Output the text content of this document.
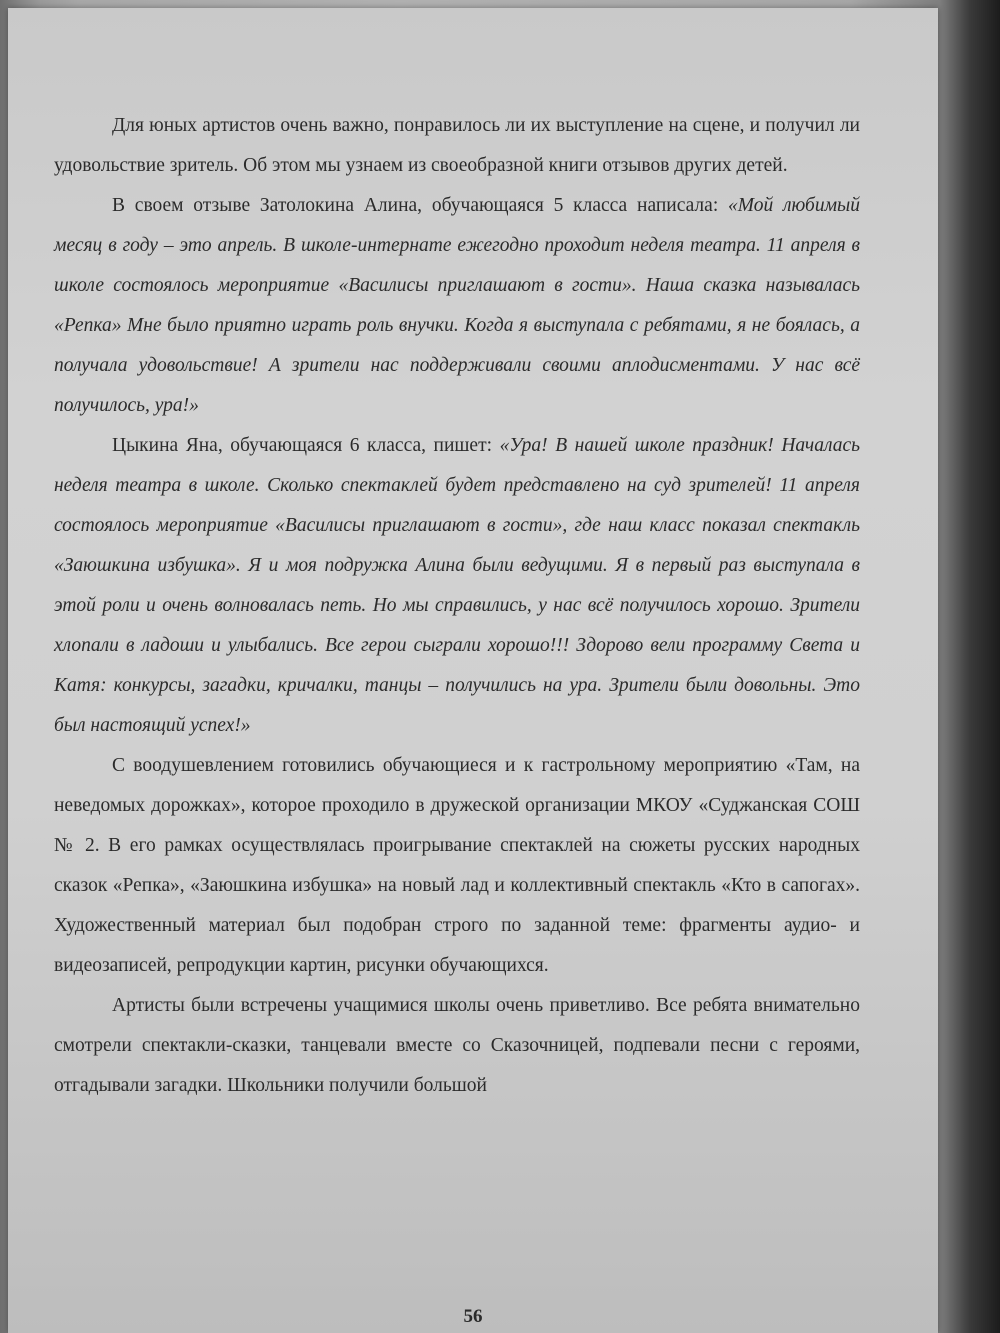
Для юных артистов очень важно, понравилось ли их выступление на сцене, и получил ли удовольствие зритель. Об этом мы узнаем из своеобразной книги отзывов других детей.

В своем отзыве Затолокина Алина, обучающаяся 5 класса написала: «Мой любимый месяц в году – это апрель. В школе-интернате ежегодно проходит неделя театра. 11 апреля в школе состоялось мероприятие «Василисы приглашают в гости». Наша сказка называлась «Репка» Мне было приятно играть роль внучки. Когда я выступала с ребятами, я не боялась, а получала удовольствие! А зрители нас поддерживали своими аплодисментами. У нас всё получилось, ура!»

Цыкина Яна, обучающаяся 6 класса, пишет: «Ура! В нашей школе праздник! Началась неделя театра в школе. Сколько спектаклей будет представлено на суд зрителей! 11 апреля состоялось мероприятие «Василисы приглашают в гости», где наш класс показал спектакль «Заюшкина избушка». Я и моя подружка Алина были ведущими. Я в первый раз выступала в этой роли и очень волновалась петь. Но мы справились, у нас всё получилось хорошо. Зрители хлопали в ладоши и улыбались. Все герои сыграли хорошо!!! Здорово вели программу Света и Катя: конкурсы, загадки, кричалки, танцы – получились на ура. Зрители были довольны. Это был настоящий успех!»

С воодушевлением готовились обучающиеся и к гастрольному мероприятию «Там, на неведомых дорожках», которое проходило в дружеской организации МКОУ «Суджанская СОШ № 2. В его рамках осуществлялась проигрывание спектаклей на сюжеты русских народных сказок «Репка», «Заюшкина избушка» на новый лад и коллективный спектакль «Кто в сапогах». Художественный материал был подобран строго по заданной теме: фрагменты аудио- и видеозаписей, репродукции картин, рисунки обучающихся.

Артисты были встречены учащимися школы очень приветливо. Все ребята внимательно смотрели спектакли-сказки, танцевали вместе со Сказочницей, подпевали песни с героями, отгадывали загадки. Школьники получили большой

56
